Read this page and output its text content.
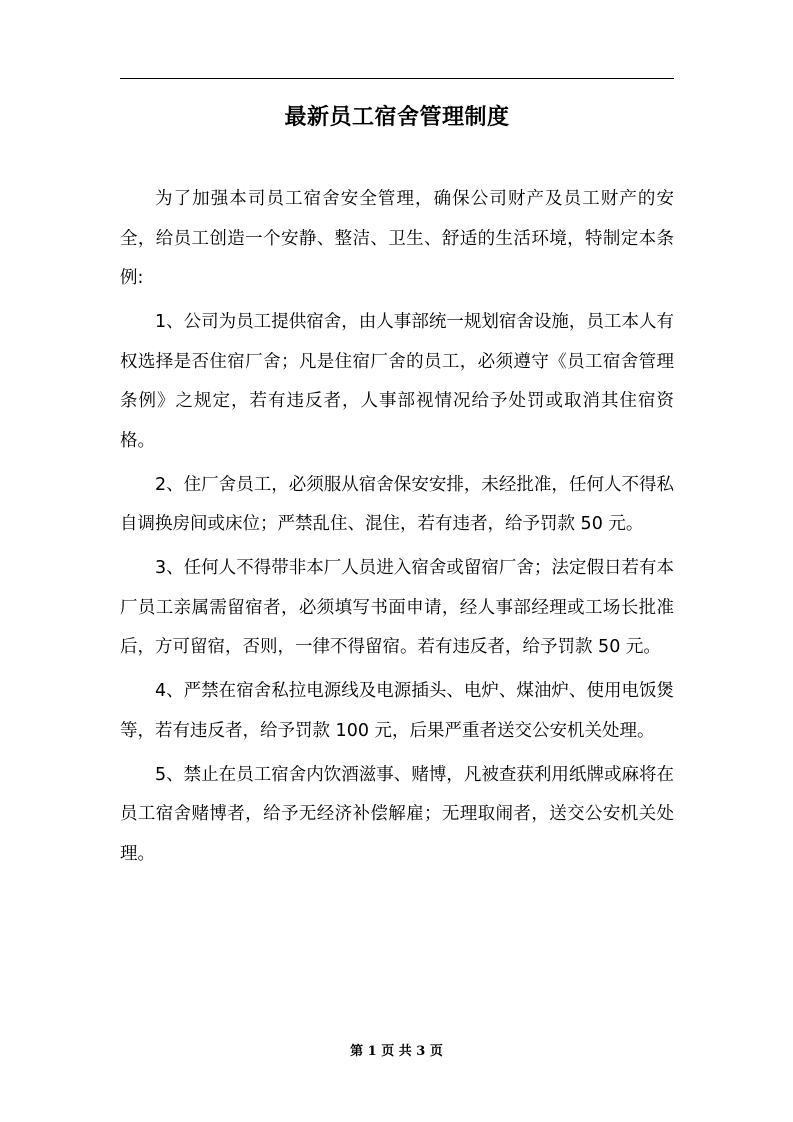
最新员工宿舍管理制度

为了加强本司员工宿舍安全管理，确保公司财产及员工财产的安全，给员工创造一个安静、整洁、卫生、舒适的生活环境，特制定本条例:

1、公司为员工提供宿舍，由人事部统一规划宿舍设施，员工本人有权选择是否住宿厂舍；凡是住宿厂舍的员工，必须遵守《员工宿舍管理条例》之规定，若有违反者，人事部视情况给予处罚或取消其住宿资格。

2、住厂舍员工，必须服从宿舍保安安排，未经批准，任何人不得私自调换房间或床位；严禁乱住、混住，若有违者，给予罚款 50 元。

3、任何人不得带非本厂人员进入宿舍或留宿厂舍；法定假日若有本厂员工亲属需留宿者，必须填写书面申请，经人事部经理或工场长批准后，方可留宿，否则，一律不得留宿。若有违反者，给予罚款 50 元。

4、严禁在宿舍私拉电源线及电源插头、电炉、煤油炉、使用电饭煲等，若有违反者，给予罚款 100 元，后果严重者送交公安机关处理。

5、禁止在员工宿舍内饮酒滋事、赌博，凡被查获利用纸牌或麻将在员工宿舍赌博者，给予无经济补偿解雇；无理取闹者，送交公安机关处理。

第 1 页 共 3 页
